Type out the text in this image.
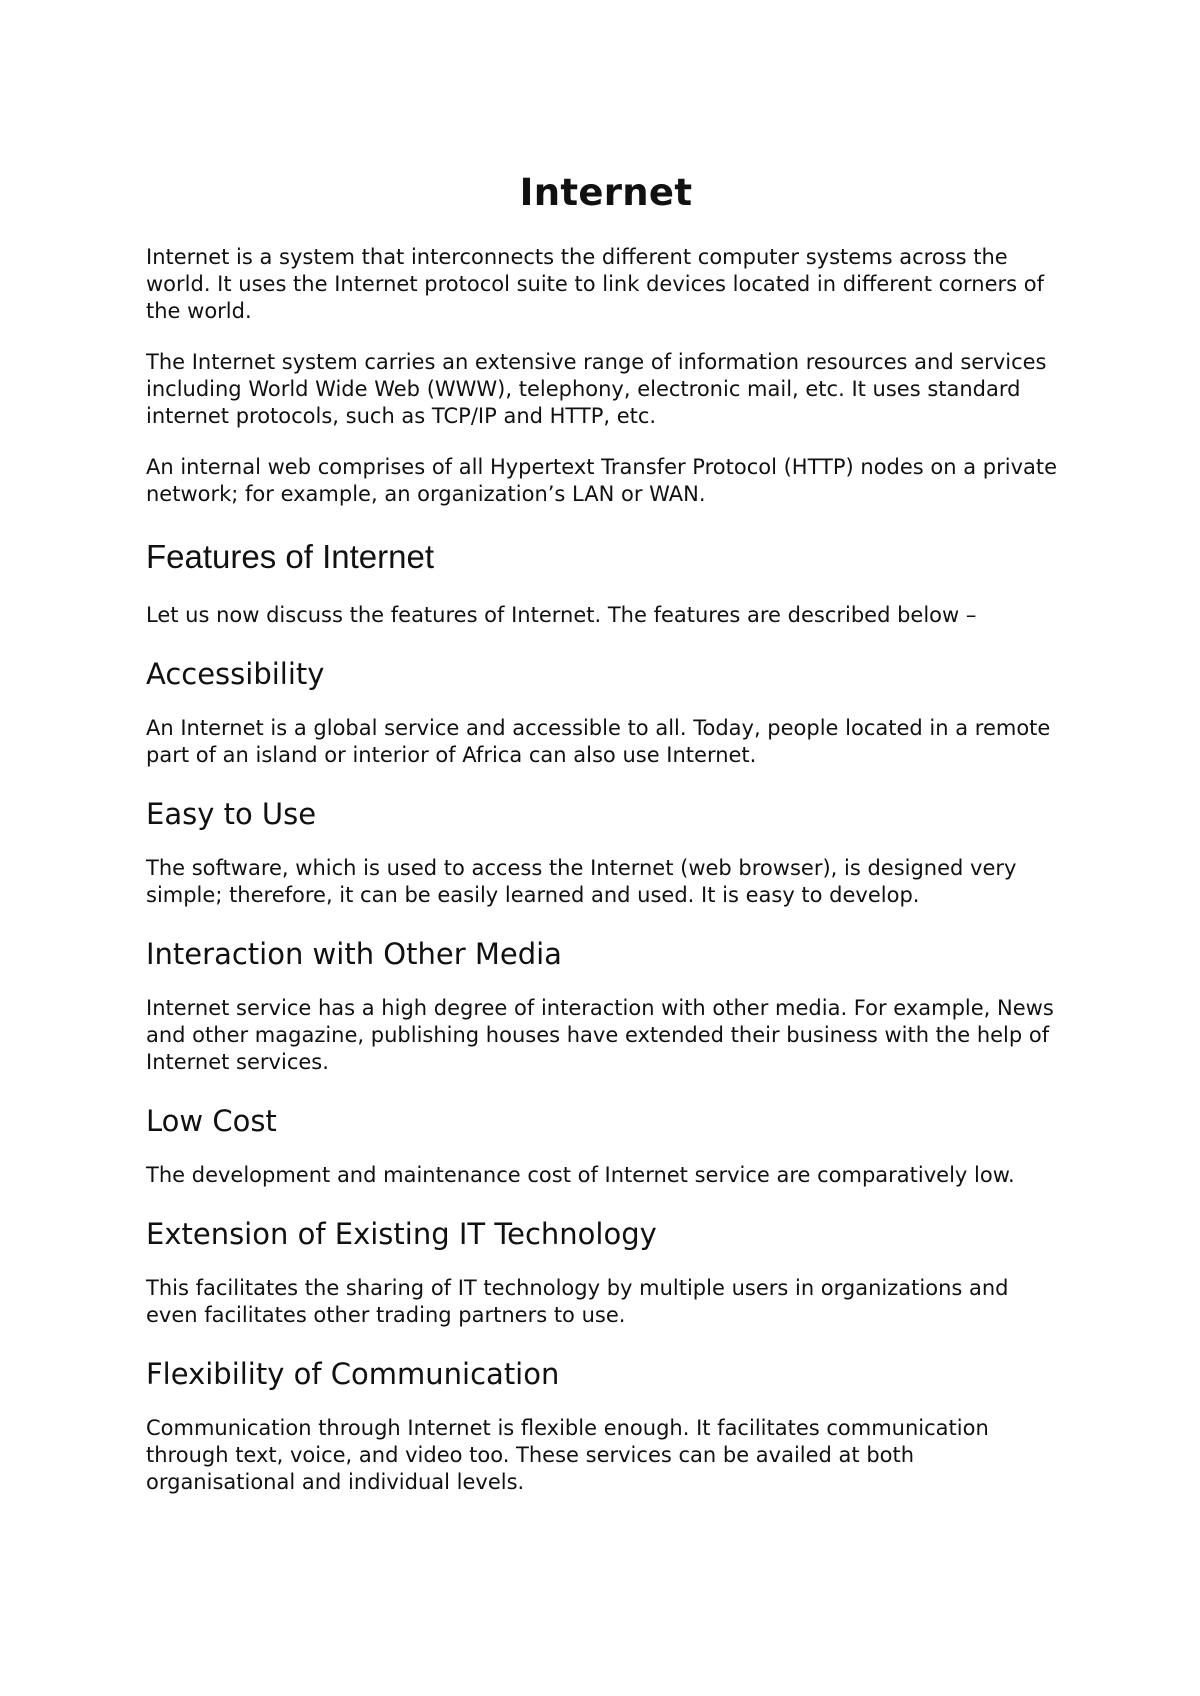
Internet

Internet is a system that interconnects the different computer systems across the world. It uses the Internet protocol suite to link devices located in different corners of the world.

The Internet system carries an extensive range of information resources and services including World Wide Web (WWW), telephony, electronic mail, etc. It uses standard internet protocols, such as TCP/IP and HTTP, etc.

An internal web comprises of all Hypertext Transfer Protocol (HTTP) nodes on a private network; for example, an organization’s LAN or WAN.

Features of Internet

Let us now discuss the features of Internet. The features are described below –

Accessibility

An Internet is a global service and accessible to all. Today, people located in a remote part of an island or interior of Africa can also use Internet.

Easy to Use

The software, which is used to access the Internet (web browser), is designed very simple; therefore, it can be easily learned and used. It is easy to develop.

Interaction with Other Media

Internet service has a high degree of interaction with other media. For example, News and other magazine, publishing houses have extended their business with the help of Internet services.

Low Cost

The development and maintenance cost of Internet service are comparatively low.

Extension of Existing IT Technology

This facilitates the sharing of IT technology by multiple users in organizations and even facilitates other trading partners to use.

Flexibility of Communication

Communication through Internet is flexible enough. It facilitates communication through text, voice, and video too. These services can be availed at both organisational and individual levels.
